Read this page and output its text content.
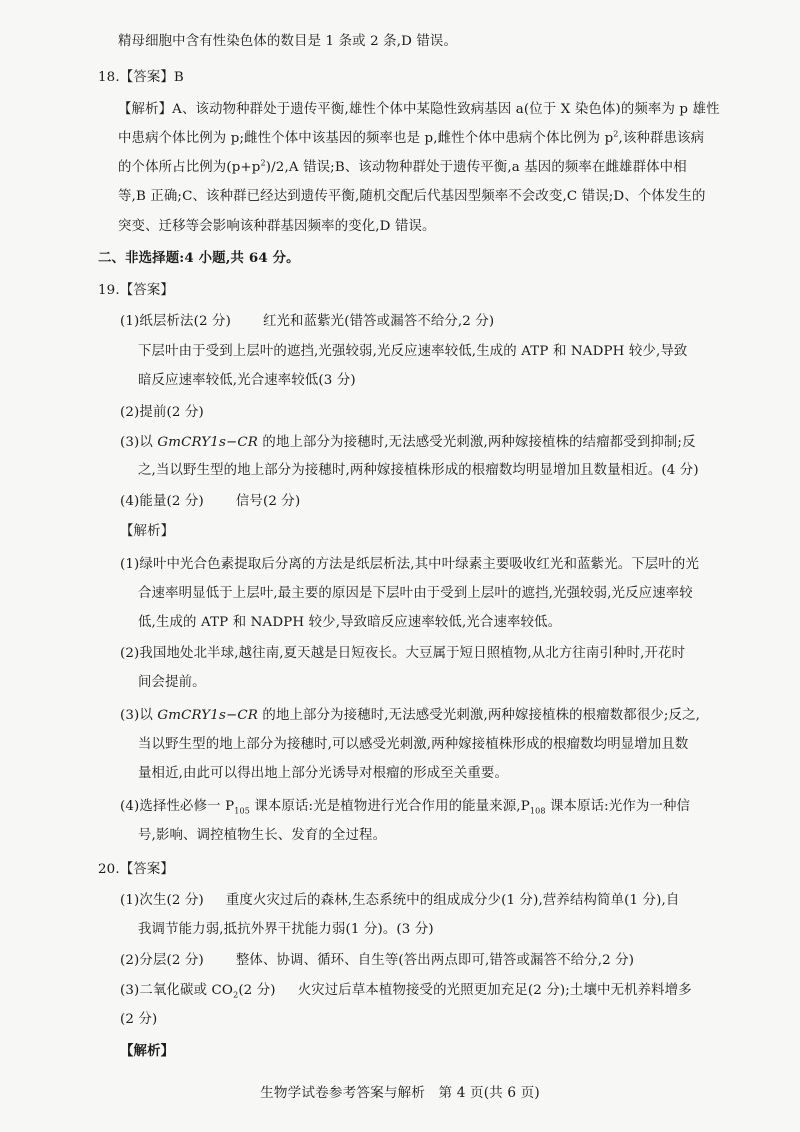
精母细胞中含有性染色体的数目是 1 条或 2 条,D 错误。
18.【答案】B
【解析】A、该动物种群处于遗传平衡,雄性个体中某隐性致病基因 a(位于 X 染色体)的频率为 p 雄性
中患病个体比例为 p;雌性个体中该基因的频率也是 p,雌性个体中患病个体比例为 $p^2$,该种群患该病
的个体所占比例为$(p+p^2)/2,A$ 错误;B、该动物种群处于遗传平衡,a 基因的频率在雌雄群体中相
等,B 正确;C、该种群已经达到遗传平衡,随机交配后代基因型频率不会改变,C 错误;D、个体发生的
突变、迁移等会影响该种群基因频率的变化,D 错误。
二、非选择题:4 小题,共 64 分。
19.【答案】
(1)纸层析法(2 分) 红光和蓝紫光(错答或漏答不给分,2 分)
下层叶由于受到上层叶的遮挡,光强较弱,光反应速率较低,生成的 ATP 和 NADPH 较少,导致
暗反应速率较低,光合速率较低(3 分)
(2)提前(2 分)
(3)以 GmCRY1s−CR 的地上部分为接穗时,无法感受光刺激,两种嫁接植株的结瘤都受到抑制;反
之,当以野生型的地上部分为接穗时,两种嫁接植株形成的根瘤数均明显增加且数量相近。(4 分)
(4)能量(2 分) 信号(2 分)
【解析】
(1)绿叶中光合色素提取后分离的方法是纸层析法,其中叶绿素主要吸收红光和蓝紫光。下层叶的光
合速率明显低于上层叶,最主要的原因是下层叶由于受到上层叶的遮挡,光强较弱,光反应速率较
低,生成的 ATP 和 NADPH 较少,导致暗反应速率较低,光合速率较低。
(2)我国地处北半球,越往南,夏天越是日短夜长。大豆属于短日照植物,从北方往南引种时,开花时
间会提前。
(3)以 GmCRY1s−CR 的地上部分为接穗时,无法感受光刺激,两种嫁接植株的根瘤数都很少;反之,
当以野生型的地上部分为接穗时,可以感受光刺激,两种嫁接植株形成的根瘤数均明显增加且数
量相近,由此可以得出地上部分光诱导对根瘤的形成至关重要。
(4)选择性必修一 $P_{105}$ 课本原话:光是植物进行光合作用的能量来源$,P_{108}$ 课本原话:光作为一种信
号,影响、调控植物生长、发育的全过程。
20.【答案】
(1)次生(2 分) 重度火灾过后的森林,生态系统中的组成成分少(1 分),营养结构简单(1 分),自
我调节能力弱,抵抗外界干扰能力弱(1 分)。(3 分)
(2)分层(2 分) 整体、协调、循环、自生等(答出两点即可,错答或漏答不给分,2 分)
(3)二氧化碳或 $CO_2(2$ 分) 火灾过后草本植物接受的光照更加充足(2 分);土壤中无机养料增多
(2 分)
【解析】
生物学试卷参考答案与解析   第 4 页(共 6 页)
